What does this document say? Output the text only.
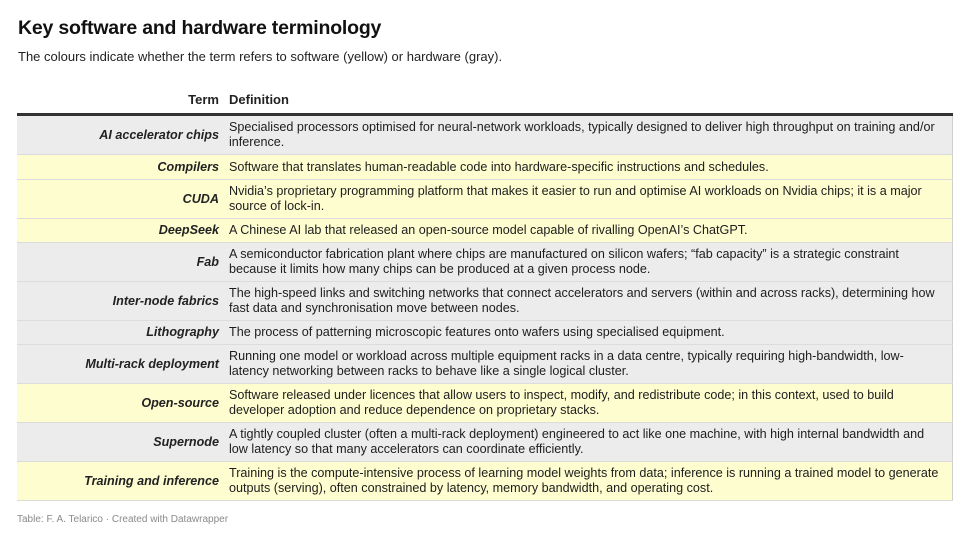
Key software and hardware terminology
The colours indicate whether the term refers to software (yellow) or hardware (gray).
Term	Definition
AI accelerator chips	Specialised processors optimised for neural-network workloads, typically designed to deliver high throughput on training and/or inference.
Compilers	Software that translates human-readable code into hardware-specific instructions and schedules.
CUDA	Nvidia’s proprietary programming platform that makes it easier to run and optimise AI workloads on Nvidia chips; it is a major source of lock-in.
DeepSeek	A Chinese AI lab that released an open-source model capable of rivalling OpenAI’s ChatGPT.
Fab	A semiconductor fabrication plant where chips are manufactured on silicon wafers; “fab capacity” is a strategic constraint because it limits how many chips can be produced at a given process node.
Inter-node fabrics	The high-speed links and switching networks that connect accelerators and servers (within and across racks), determining how fast data and synchronisation move between nodes.
Lithography	The process of patterning microscopic features onto wafers using specialised equipment.
Multi-rack deployment	Running one model or workload across multiple equipment racks in a data centre, typically requiring high-bandwidth, low-latency networking between racks to behave like a single logical cluster.
Open-source	Software released under licences that allow users to inspect, modify, and redistribute code; in this context, used to build developer adoption and reduce dependence on proprietary stacks.
Supernode	A tightly coupled cluster (often a multi-rack deployment) engineered to act like one machine, with high internal bandwidth and low latency so that many accelerators can coordinate efficiently.
Training and inference	Training is the compute-intensive process of learning model weights from data; inference is running a trained model to generate outputs (serving), often constrained by latency, memory bandwidth, and operating cost.
Table: F. A. Telarico · Created with Datawrapper
